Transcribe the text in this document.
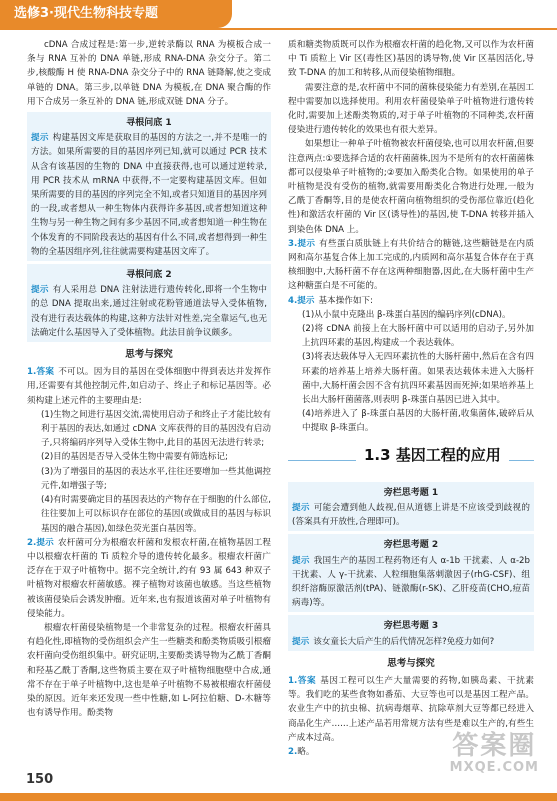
选修3·现代生物科技专题

cDNA 合成过程是:第一步,逆转录酶以 RNA 为模板合成一条与 RNA 互补的 DNA 单链,形成 RNA-DNA 杂交分子。第二步,核酸酶 H 使 RNA-DNA 杂交分子中的 RNA 链降解,使之变成单链的 DNA。第三步,以单链 DNA 为模板,在 DNA 聚合酶的作用下合成另一条互补的 DNA 链,形成双链 DNA 分子。

寻根问底 1

提示 构建基因文库是获取目的基因的方法之一,并不是唯一的方法。如果所需要的目的基因序列已知,就可以通过 PCR 技术从含有该基因的生物的 DNA 中直接获得,也可以通过逆转录,用 PCR 技术从 mRNA 中获得,不一定要构建基因文库。但如果所需要的目的基因的序列完全不知,或者只知道目的基因序列的一段,或者想从一种生物体内获得许多基因,或者想知道这种生物与另一种生物之间有多少基因不同,或者想知道一种生物在个体发育的不同阶段表达的基因有什么不同,或者想得到一种生物的全基因组序列,往往就需要构建基因文库了。

寻根问底 2

提示 有人采用总 DNA 注射法进行遗传转化,即将一个生物中的总 DNA 提取出来,通过注射或花粉管通道法导入受体植物,没有进行表达载体的构建,这种方法针对性差,完全靠运气,也无法确定什么基因导入了受体植物。此法目前争议颇多。

思考与探究

1.答案 不可以。因为目的基因在受体细胞中得到表达并发挥作用,还需要有其他控制元件,如启动子、终止子和标记基因等。必须构建上述元件的主要理由是:

(1)生物之间进行基因交流,需使用启动子和终止子才能比较有利于基因的表达,如通过 cDNA 文库获得的目的基因没有启动子,只将编码序列导入受体生物中,此目的基因无法进行转录;

(2)目的基因是否导入受体生物中需要有筛选标记;

(3)为了增强目的基因的表达水平,往往还要增加一些其他调控元件,如增强子等;

(4)有时需要确定目的基因表达的产物存在于细胞的什么部位,往往要加上可以标识存在部位的基因(或做成目的基因与标识基因的融合基因),如绿色荧光蛋白基因等。

2.提示 农杆菌可分为根瘤农杆菌和发根农杆菌,在植物基因工程中以根瘤农杆菌的 Ti 质粒介导的遗传转化最多。根瘤农杆菌广泛存在于双子叶植物中。据不完全统计,约有 93 属 643 种双子叶植物对根瘤农杆菌敏感。裸子植物对该菌也敏感。当这些植物被该菌侵染后会诱发肿瘤。近年来,也有报道该菌对单子叶植物有侵染能力。

根瘤农杆菌侵染植物是一个非常复杂的过程。根瘤农杆菌具有趋化性,即植物的受伤组织会产生一些糖类和酚类物质吸引根瘤农杆菌向受伤组织集中。研究证明,主要酚类诱导物为乙酰丁香酮和羟基乙酰丁香酮,这些物质主要在双子叶植物细胞壁中合成,通常不存在于单子叶植物中,这也是单子叶植物不易被根瘤农杆菌侵染的原因。近年来还发现一些中性糖,如 L-阿拉伯糖、D-木糖等也有诱导作用。酚类物

质和糖类物质既可以作为根瘤农杆菌的趋化物,又可以作为农杆菌中 Ti 质粒上 Vir 区(毒性区)基因的诱导物,使 Vir 区基因活化,导致 T-DNA 的加工和转移,从而侵染植物细胞。

需要注意的是,农杆菌中不同的菌株侵染能力有差别,在基因工程中需要加以选择使用。利用农杆菌侵染单子叶植物进行遗传转化时,需要加上述酚类物质的,对于单子叶植物的不同种类,农杆菌侵染进行遗传转化的效果也有很大差异。

如果想让一种单子叶植物被农杆菌侵染,也可以用农杆菌,但要注意两点:①要选择合适的农杆菌菌株,因为不是所有的农杆菌菌株都可以侵染单子叶植物的;②要加入酚类化合物。如果使用的单子叶植物是没有受伤的植物,就需要用酚类化合物进行处理,一般为乙酰丁香酮等,目的是使农杆菌向植物组织的受伤部位靠近(趋化性)和激活农杆菌的 Vir 区(诱导性)的基因,使 T-DNA 转移并插入到染色体 DNA 上。

3.提示 有些蛋白质肽链上有共价结合的糖链,这些糖链是在内质网和高尔基复合体上加工完成的,内质网和高尔基复合体存在于真核细胞中,大肠杆菌不存在这两种细胞器,因此,在大肠杆菌中生产这种糖蛋白是不可能的。

4.提示 基本操作如下:

(1)从小鼠中克隆出 β-珠蛋白基因的编码序列(cDNA)。

(2)将 cDNA 前接上在大肠杆菌中可以适用的启动子,另外加上抗四环素的基因,构建成一个表达载体。

(3)将表达载体导入无四环素抗性的大肠杆菌中,然后在含有四环素的培养基上培养大肠杆菌。如果表达载体未进入大肠杆菌中,大肠杆菌会因不含有抗四环素基因而死掉;如果培养基上长出大肠杆菌菌落,则表明 β-珠蛋白基因已进入其中。

(4)培养进入了 β-珠蛋白基因的大肠杆菌,收集菌体,破碎后从中提取 β-珠蛋白。

1.3 基因工程的应用
旁栏思考题 1

提示 可能会遭到他人歧视,但从道德上讲是不应该受到歧视的(答案具有开放性,合理即可)。

旁栏思考题 2

提示 我国生产的基因工程药物还有人 α-1b 干扰素、人 α-2b 干扰素、人 γ-干扰素、人粒细胞集落刺激因子(rhG-CSF)、组织纤溶酶原激活剂(tPA)、链激酶(r-SK)、乙肝疫苗(CHO,痘苗病毒)等。

旁栏思考题 3

提示 该女童长大后产生的后代情况怎样?免疫力如何?

思考与探究

1.答案 基因工程可以生产大量需要的药物,如胰岛素、干扰素等。我们吃的某些食物如番茄、大豆等也可以是基因工程产品。农业生产中的抗虫棉、抗病毒烟草、抗除草剂大豆等都已经进入商品化生产……上述产品若用常规方法有些是难以生产的,有些生产成本过高。

2.略。	答案圈
MXQE.COM
150
